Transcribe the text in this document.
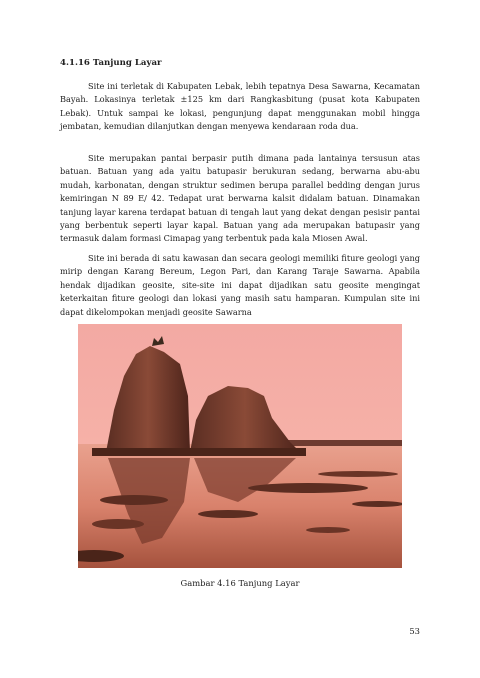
4.1.16 Tanjung Layar

Site ini terletak di Kabupaten Lebak, lebih tepatnya Desa Sawarna, Kecamatan Bayah. Lokasinya terletak ±125 km dari Rangkasbitung (pusat kota Kabupaten Lebak). Untuk sampai ke lokasi, pengunjung dapat menggunakan mobil hingga jembatan, kemudian dilanjutkan dengan menyewa kendaraan roda dua.

Site merupakan pantai berpasir putih dimana pada lantainya tersusun atas batuan. Batuan yang ada yaitu batupasir berukuran sedang, berwarna abu-abu mudah, karbonatan, dengan struktur sedimen berupa parallel bedding dengan jurus kemiringan N 89 E/ 42. Tedapat urat berwarna kalsit didalam batuan. Dinamakan tanjung layar karena terdapat batuan di tengah laut yang dekat dengan pesisir pantai yang berbentuk seperti layar kapal. Batuan yang ada merupakan batupasir yang termasuk dalam formasi Cimapag yang terbentuk pada kala Miosen Awal.

Site ini berada di satu kawasan dan secara geologi memiliki fiture geologi yang mirip dengan Karang Bereum, Legon Pari, dan Karang Taraje Sawarna. Apabila hendak dijadikan geosite, site-site ini dapat dijadikan satu geosite mengingat keterkaitan fiture geologi dan lokasi yang masih satu hamparan. Kumpulan site ini dapat dikelompokan menjadi geosite Sawarna

Gambar 4.16 Tanjung Layar
53
